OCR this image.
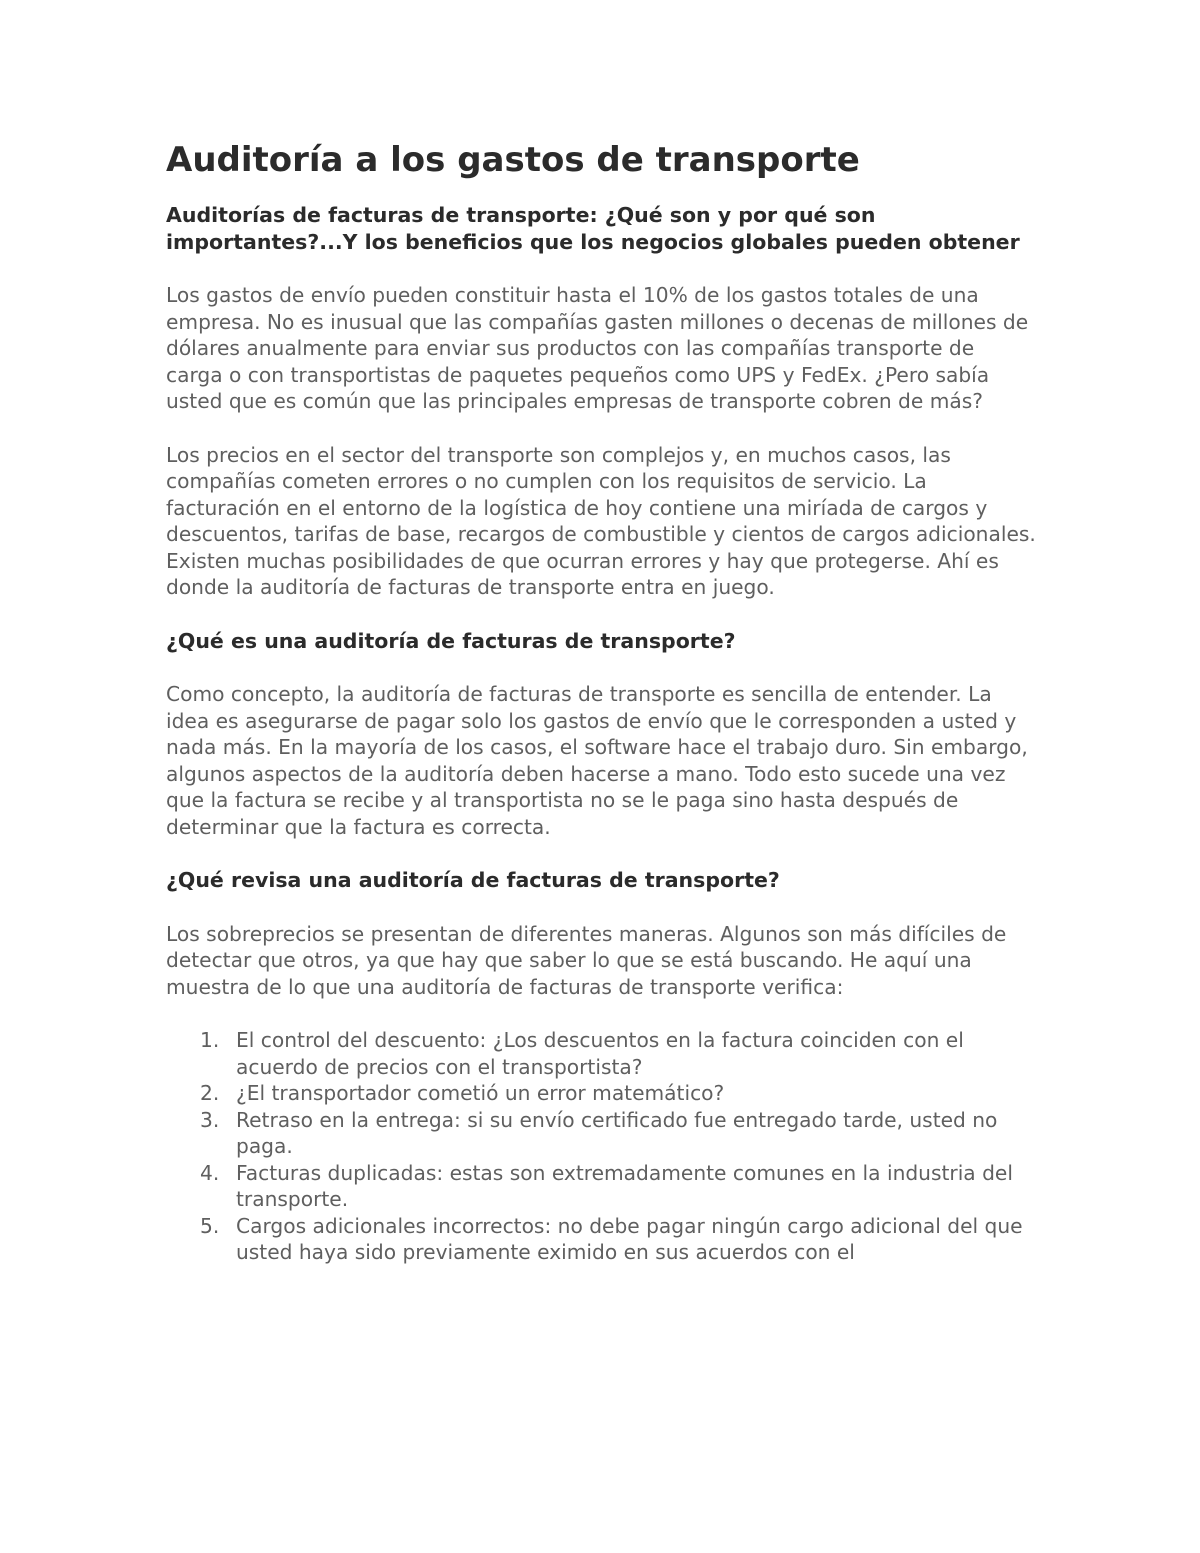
Auditoría a los gastos de transporte
Auditorías de facturas de transporte: ¿Qué son y por qué son importantes?...Y los beneficios que los negocios globales pueden obtener

Los gastos de envío pueden constituir hasta el 10% de los gastos totales de una empresa. No es inusual que las compañías gasten millones o decenas de millones de dólares anualmente para enviar sus productos con las compañías transporte de carga o con transportistas de paquetes pequeños como UPS y FedEx. ¿Pero sabía usted que es común que las principales empresas de transporte cobren de más?

Los precios en el sector del transporte son complejos y, en muchos casos, las compañías cometen errores o no cumplen con los requisitos de servicio. La facturación en el entorno de la logística de hoy contiene una miríada de cargos y descuentos, tarifas de base, recargos de combustible y cientos de cargos adicionales. Existen muchas posibilidades de que ocurran errores y hay que protegerse. Ahí es donde la auditoría de facturas de transporte entra en juego.

¿Qué es una auditoría de facturas de transporte?

Como concepto, la auditoría de facturas de transporte es sencilla de entender. La idea es asegurarse de pagar solo los gastos de envío que le corresponden a usted y nada más. En la mayoría de los casos, el software hace el trabajo duro. Sin embargo, algunos aspectos de la auditoría deben hacerse a mano. Todo esto sucede una vez que la factura se recibe y al transportista no se le paga sino hasta después de determinar que la factura es correcta.

¿Qué revisa una auditoría de facturas de transporte?

Los sobreprecios se presentan de diferentes maneras. Algunos son más difíciles de detectar que otros, ya que hay que saber lo que se está buscando. He aquí una muestra de lo que una auditoría de facturas de transporte verifica:

1. El control del descuento: ¿Los descuentos en la factura coinciden con el acuerdo de precios con el transportista?
2. ¿El transportador cometió un error matemático?
3. Retraso en la entrega: si su envío certificado fue entregado tarde, usted no paga.
4. Facturas duplicadas: estas son extremadamente comunes en la industria del transporte.
5. Cargos adicionales incorrectos: no debe pagar ningún cargo adicional del que usted haya sido previamente eximido en sus acuerdos con el
